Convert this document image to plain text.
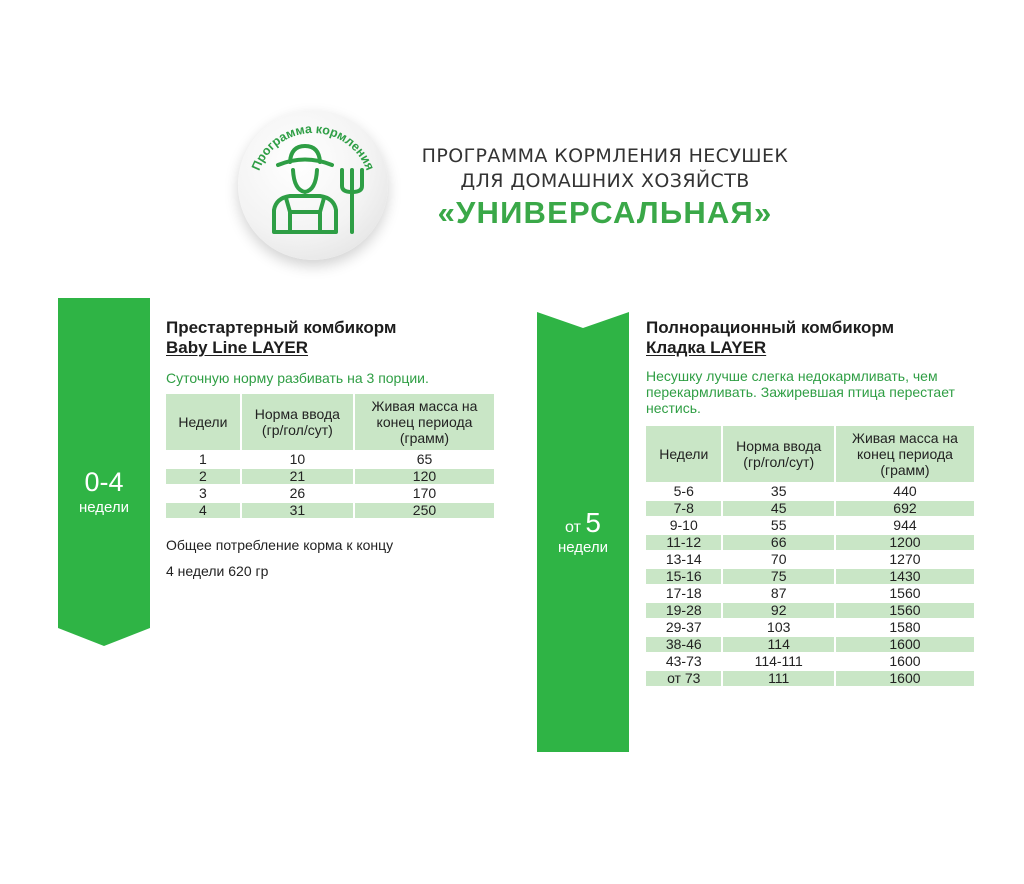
Программа кормления	ПРОГРАММА КОРМЛЕНИЯ НЕСУШЕК
ДЛЯ ДОМАШНИХ ХОЗЯЙСТВ
«УНИВЕРСАЛЬНАЯ»
0-4
недели
от 5
недели
Престартерный комбикорм
Baby Line LAYER
Суточную норму разбивать на 3 порции.
Недели	Норма ввода (гр/гол/сут)	Живая масса на конец периода (грамм)
1	10	65
2	21	120
3	26	170
4	31	250
Общее потребление корма к концу
4 недели 620 гр
Полнорационный комбикорм
Кладка LAYER
Несушку лучше слегка недокармливать, чем перекармливать. Зажиревшая птица перестает нестись.
Недели	Норма ввода (гр/гол/сут)	Живая масса на конец периода (грамм)
5-6	35	440
7-8	45	692
9-10	55	944
11-12	66	1200
13-14	70	1270
15-16	75	1430
17-18	87	1560
19-28	92	1560
29-37	103	1580
38-46	114	1600
43-73	114-111	1600
от 73	111	1600
